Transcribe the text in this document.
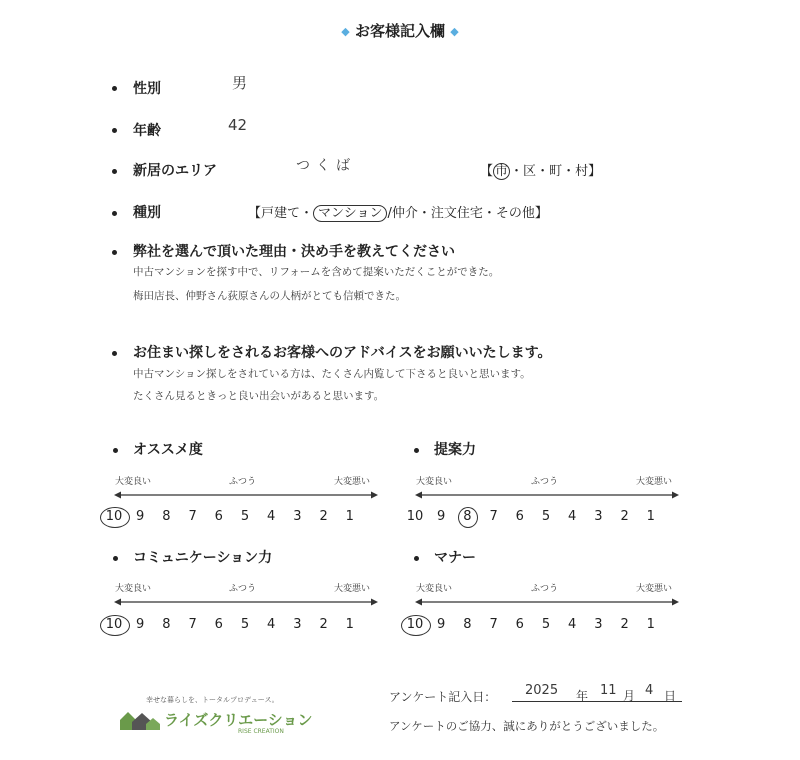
◆ お客様記入欄 ◆
性別	男
年齢	42
新居のエリア	つくば	【 市 ・区・町・村】
種別	【戸建て・ マンション /仲介・注文住宅・その他】
弊社を選んで頂いた理由・決め手を教えてください
中古マンションを探す中で、リフォームを含めて提案いただくことができた。
梅田店長、仲野さん荻原さんの人柄がとても信頼できた。
お住まい探しをされるお客様へのアドバイスをお願いいたします。
中古マンション探しをされている方は、たくさん内覧して下さると良いと思います。
たくさん見るときっと良い出会いがあると思います。
オススメ度
大変良い	ふつう	大変悪い
10	9	8	7	6	5	4	3	2	1
提案力
大変良い	ふつう	大変悪い
10	9	8	7	6	5	4	3	2	1
コミュニケーション力
大変良い	ふつう	大変悪い
10	9	8	7	6	5	4	3	2	1
マナー
大変良い	ふつう	大変悪い
10	9	8	7	6	5	4	3	2	1
幸せな暮らしを、トータルプロデュース。
ライズクリエーション
RISE CREATION
アンケート記入日： 2025 年 11 月 4 日
アンケートのご協力、誠にありがとうございました。
